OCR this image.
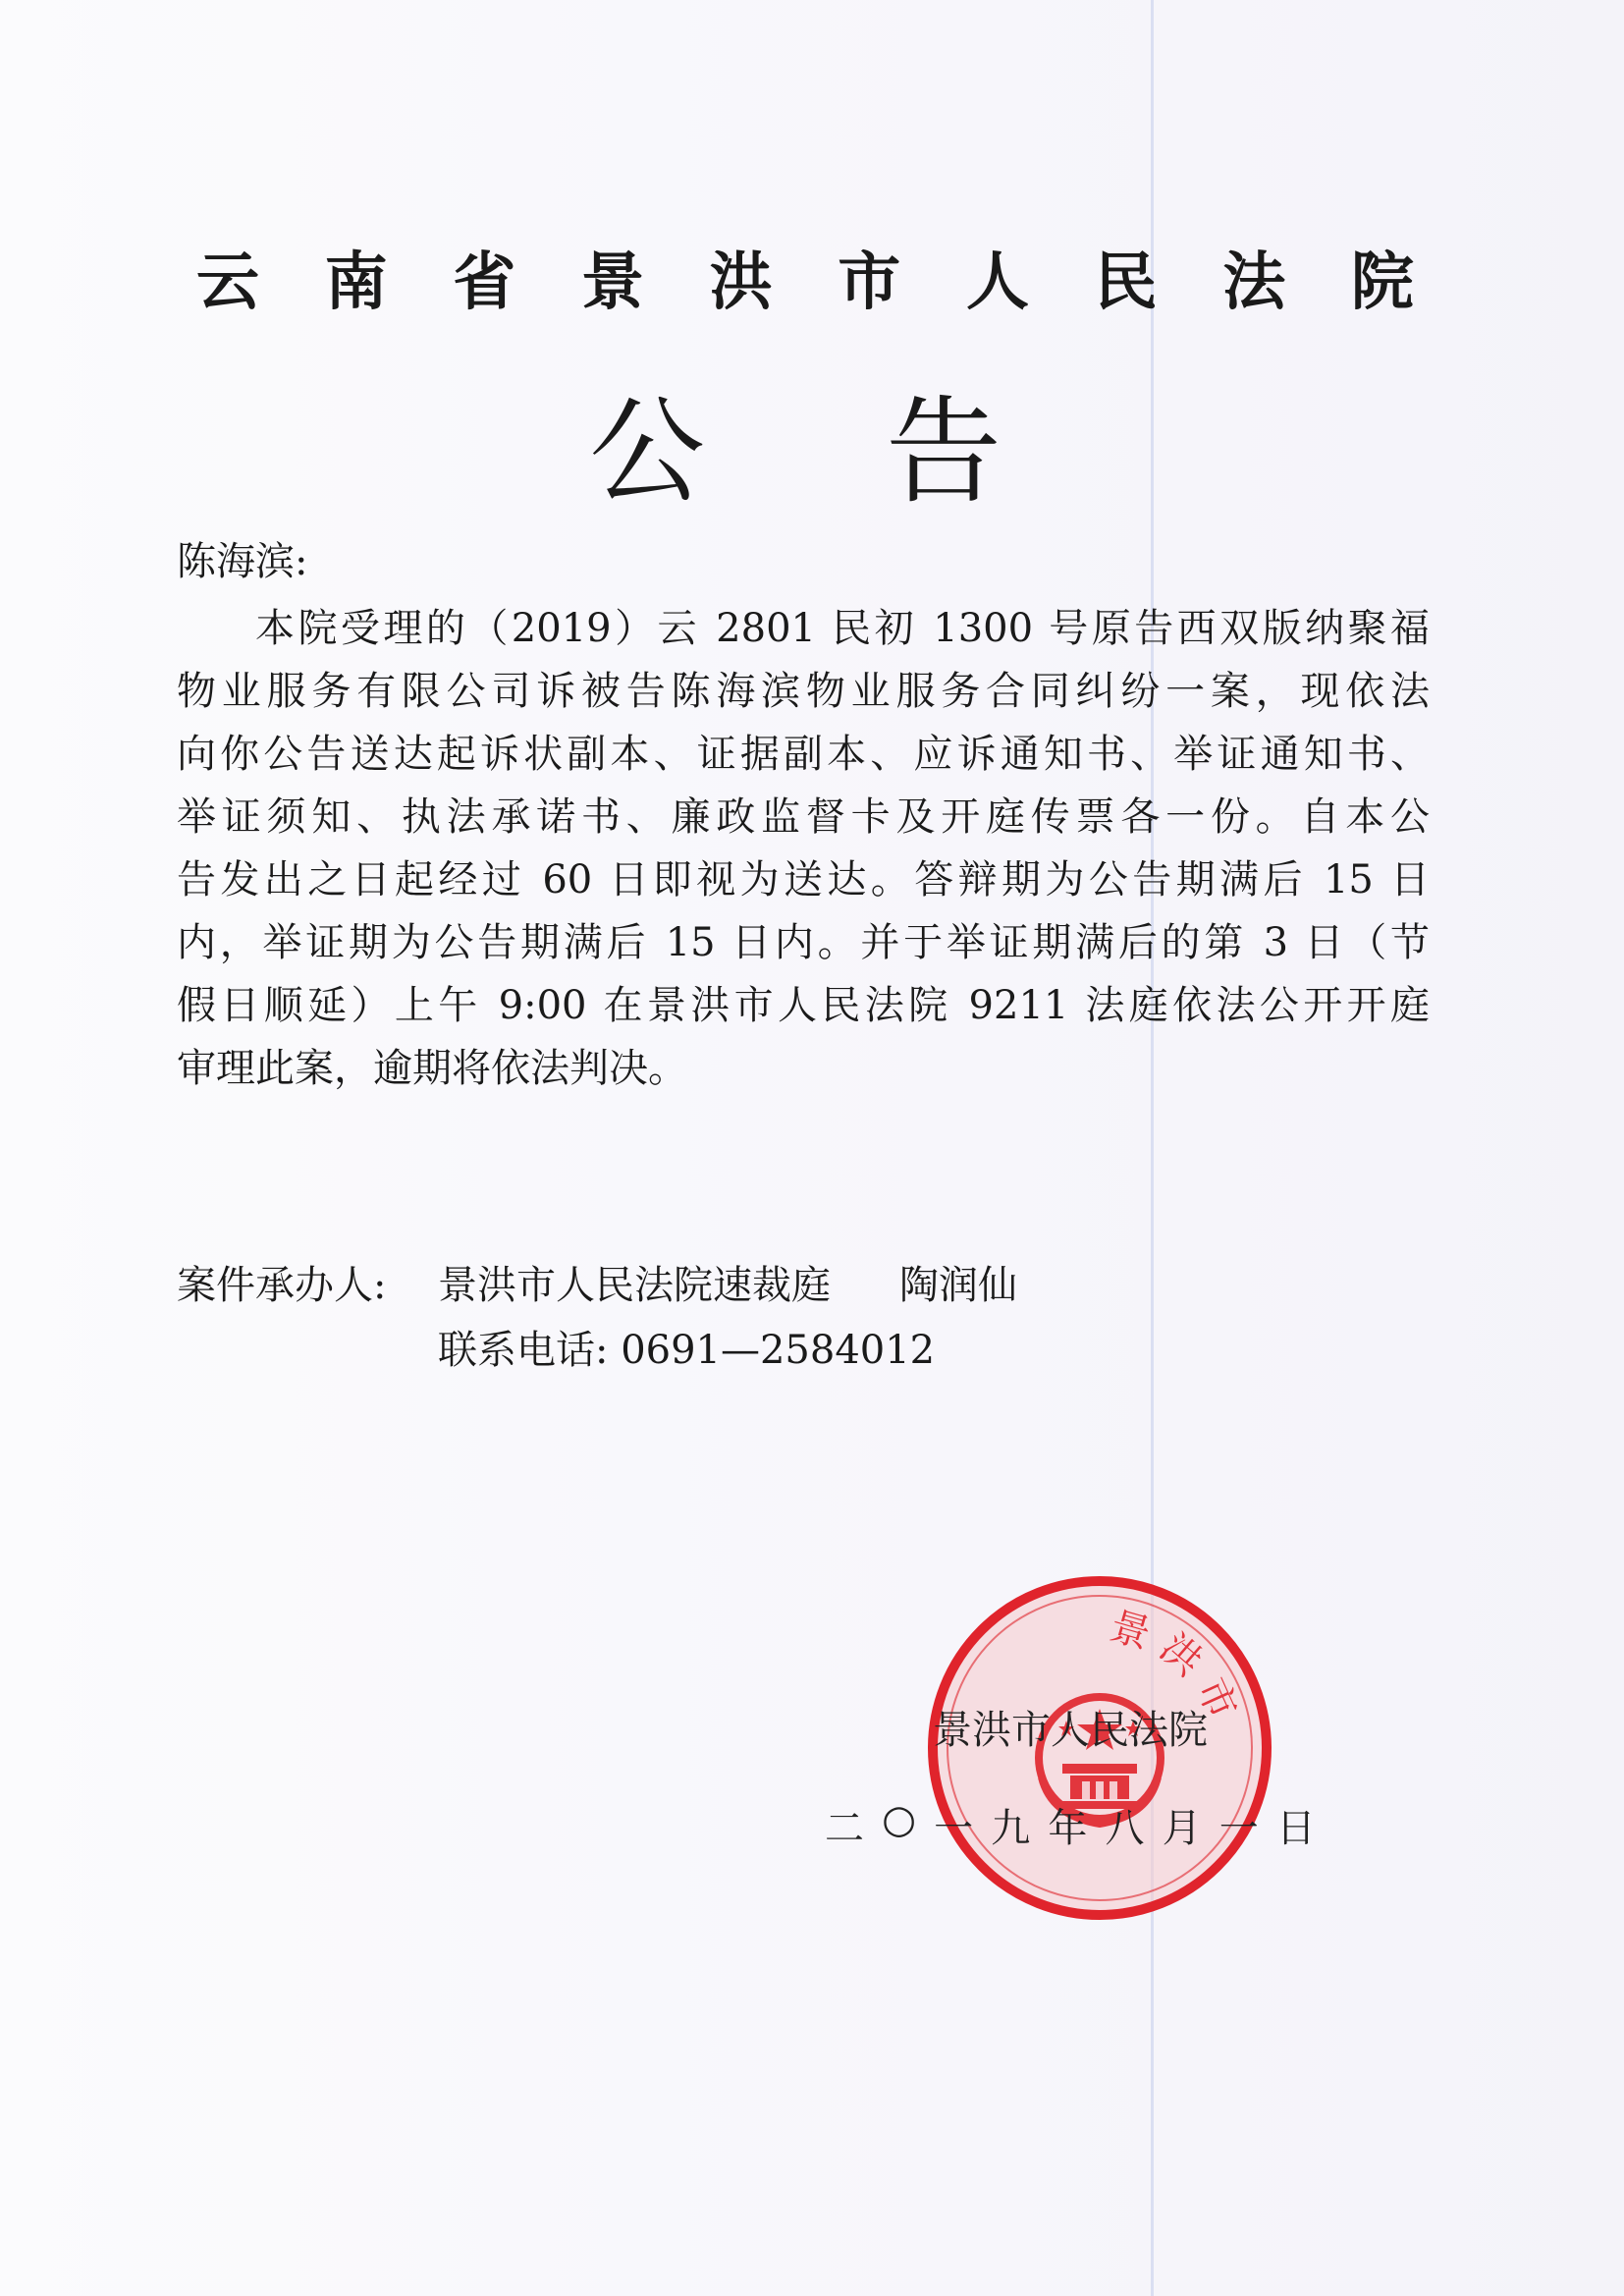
云 南 省 景 洪 市 人 民 法 院
公 告
陈海滨:
本院受理的（2019）云 2801 民初 1300 号原告西双版纳聚福
物业服务有限公司诉被告陈海滨物业服务合同纠纷一案，现依法
向你公告送达起诉状副本、证据副本、应诉通知书、举证通知书、
举证须知、执法承诺书、廉政监督卡及开庭传票各一份。自本公
告发出之日起经过 60 日即视为送达。答辩期为公告期满后 15 日
内，举证期为公告期满后 15 日内。并于举证期满后的第 3 日（节
假日顺延）上午 9:00 在景洪市人民法院 9211 法庭依法公开开庭
审理此案，逾期将依法判决。
案件承办人:	景洪市人民法院速裁庭 陶润仙
联系电话: 0691—2584012
景洪市
景洪市人民法院
二 ○ 一 九 年 八 月 一 日
